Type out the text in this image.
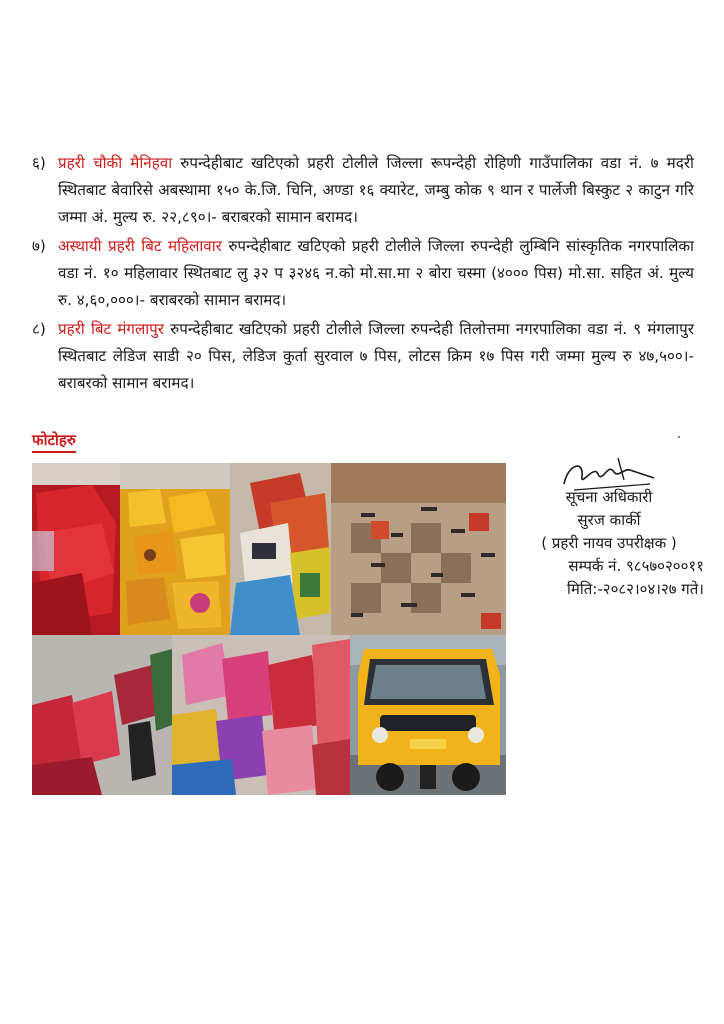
६) प्रहरी चौकी मैनिहवा रुपन्देहीबाट खटिएको प्रहरी टोलीले जिल्ला रूपन्देही रोहिणी गाउँपालिका वडा नं. ७ मदरी स्थितबाट बेवारिसे अबस्थामा १५० के.जि. चिनि, अण्डा १६ क्यारेट, जम्बु कोक ९ थान र पार्लेजी बिस्कुट २ काटुन गरि जम्मा अं. मुल्य रु. २२,८९०।- बराबरको सामान बरामद।
७) अस्थायी प्रहरी बिट महिलावार रुपन्देहीबाट खटिएको प्रहरी टोलीले जिल्ला रुपन्देही लुम्बिनि सांस्कृतिक नगरपालिका वडा नं. १० महिलावार स्थितबाट लु ३२ प ३२४६ न.को मो.सा.मा २ बोरा चस्मा (४००० पिस) मो.सा. सहित अं. मुल्य रु. ४,६०,०००।- बराबरको सामान बरामद।
८) प्रहरी बिट मंगलापुर रुपन्देहीबाट खटिएको प्रहरी टोलीले जिल्ला रुपन्देही तिलोत्तमा नगरपालिका वडा नं. ९ मंगलापुर स्थितबाट लेडिज साडी २० पिस, लेडिज कुर्ता सुरवाल ७ पिस, लोटस क्रिम १७ पिस गरी जम्मा मुल्य रु ४७,५००।- बराबरको सामान बरामद।
फोटोहरु
सूचना अधिकारी
सुरज कार्की
( प्रहरी नायव उपरीक्षक )
सम्पर्क नं. ९८५७०२००११
मिति:-२०८२।०४।२७ गते।
